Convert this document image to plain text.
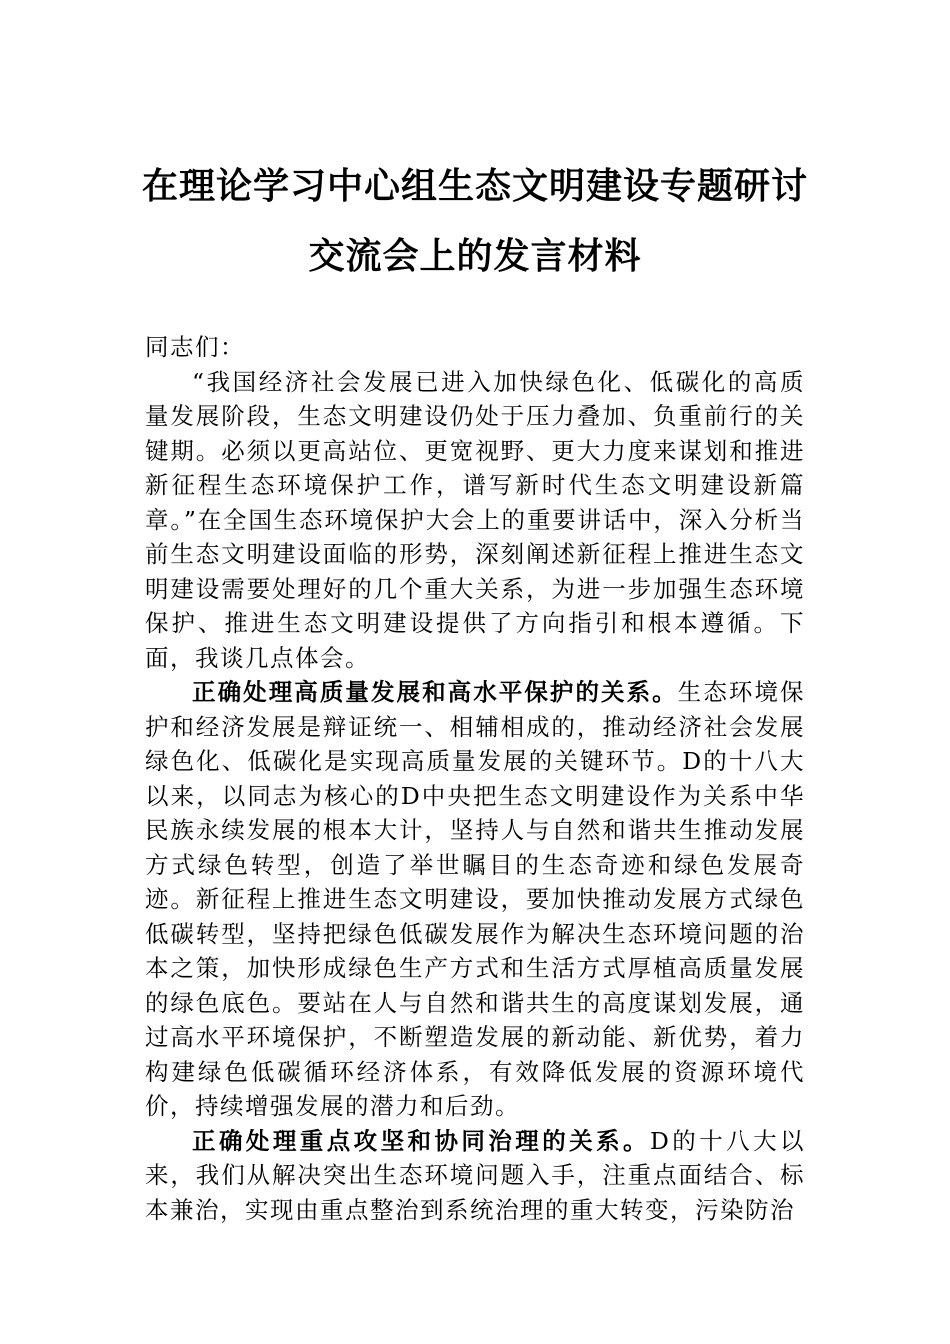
在理论学习中心组生态文明建设专题研讨
交流会上的发言材料

同志们：

“我国经济社会发展已进入加快绿色化、低碳化的高质量发展阶段，生态文明建设仍处于压力叠加、负重前行的关键期。必须以更高站位、更宽视野、更大力度来谋划和推进新征程生态环境保护工作，谱写新时代生态文明建设新篇章。”在全国生态环境保护大会上的重要讲话中，深入分析当前生态文明建设面临的形势，深刻阐述新征程上推进生态文明建设需要处理好的几个重大关系，为进一步加强生态环境保护、推进生态文明建设提供了方向指引和根本遵循。下面，我谈几点体会。

正确处理高质量发展和高水平保护的关系。生态环境保护和经济发展是辩证统一、相辅相成的，推动经济社会发展绿色化、低碳化是实现高质量发展的关键环节。D的十八大以来，以同志为核心的D中央把生态文明建设作为关系中华民族永续发展的根本大计，坚持人与自然和谐共生推动发展方式绿色转型，创造了举世瞩目的生态奇迹和绿色发展奇迹。新征程上推进生态文明建设，要加快推动发展方式绿色低碳转型，坚持把绿色低碳发展作为解决生态环境问题的治本之策，加快形成绿色生产方式和生活方式厚植高质量发展的绿色底色。要站在人与自然和谐共生的高度谋划发展，通过高水平环境保护，不断塑造发展的新动能、新优势，着力构建绿色低碳循环经济体系，有效降低发展的资源环境代价，持续增强发展的潜力和后劲。

正确处理重点攻坚和协同治理的关系。D的十八大以来，我们从解决突出生态环境问题入手，注重点面结合、标本兼治，实现由重点整治到系统治理的重大转变，污染防治
